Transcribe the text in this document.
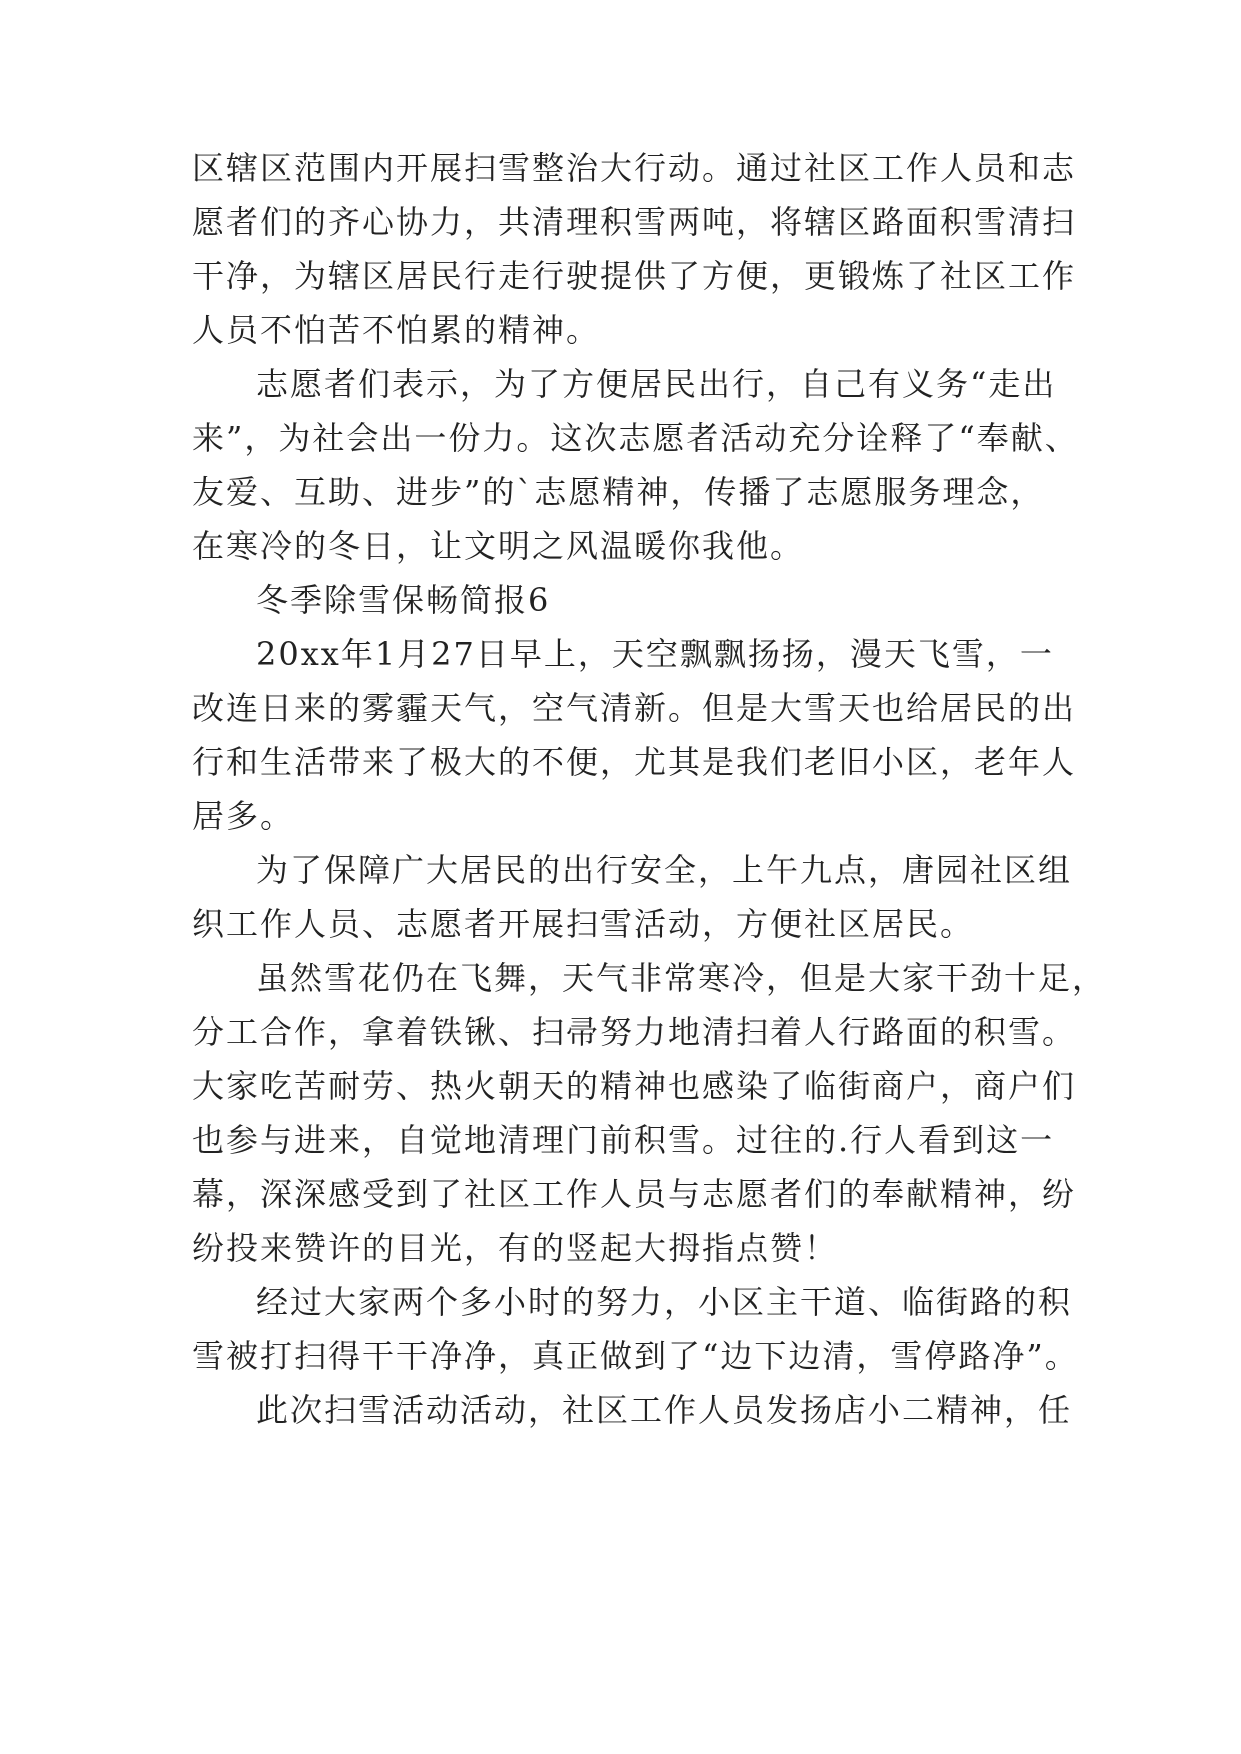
区辖区范围内开展扫雪整治大行动。通过社区工作人员和志
愿者们的齐心协力，共清理积雪两吨，将辖区路面积雪清扫
干净，为辖区居民行走行驶提供了方便，更锻炼了社区工作
人员不怕苦不怕累的精神。
志愿者们表示，为了方便居民出行，自己有义务“走出
来”，为社会出一份力。这次志愿者活动充分诠释了“奉献、
友爱、互助、进步”的`志愿精神，传播了志愿服务理念，
在寒冷的冬日，让文明之风温暖你我他。
冬季除雪保畅简报6
20xx年1月27日早上，天空飘飘扬扬，漫天飞雪，一
改连日来的雾霾天气，空气清新。但是大雪天也给居民的出
行和生活带来了极大的不便，尤其是我们老旧小区，老年人
居多。
为了保障广大居民的出行安全，上午九点，唐园社区组
织工作人员、志愿者开展扫雪活动，方便社区居民。
虽然雪花仍在飞舞，天气非常寒冷，但是大家干劲十足，
分工合作，拿着铁锹、扫帚努力地清扫着人行路面的积雪。
大家吃苦耐劳、热火朝天的精神也感染了临街商户，商户们
也参与进来，自觉地清理门前积雪。过往的.行人看到这一
幕，深深感受到了社区工作人员与志愿者们的奉献精神，纷
纷投来赞许的目光，有的竖起大拇指点赞！
经过大家两个多小时的努力，小区主干道、临街路的积
雪被打扫得干干净净，真正做到了“边下边清，雪停路净”。
此次扫雪活动活动，社区工作人员发扬店小二精神，任
